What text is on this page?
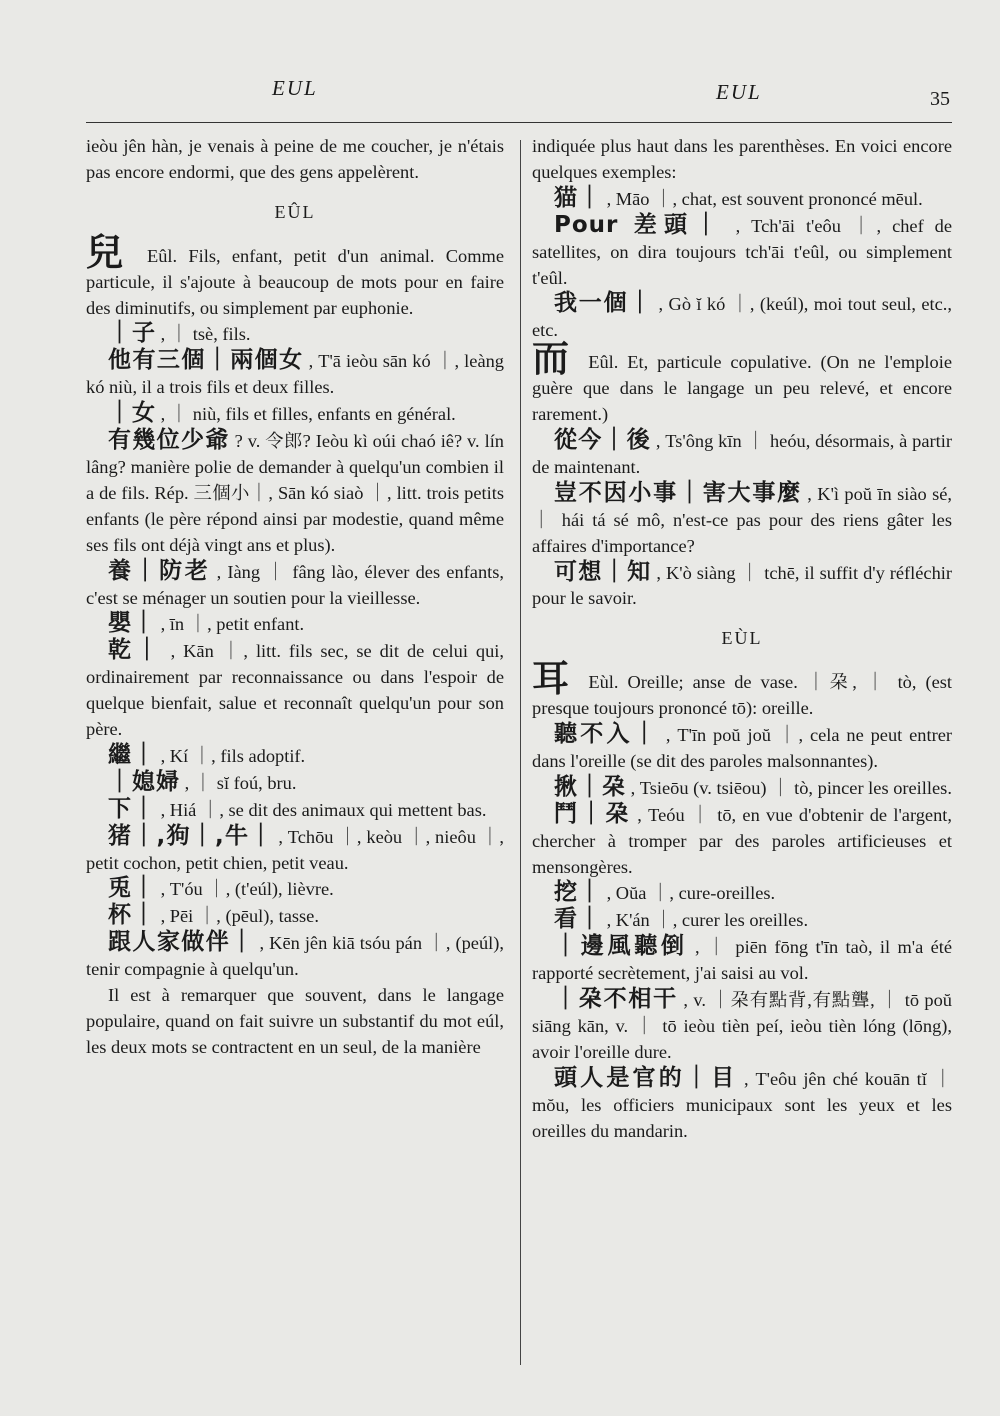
EUL	EUL	35

ieòu jên hàn, je venais à peine de me coucher, je n'étais pas encore endormi, que des gens appelèrent.

EÛL

兒 Eûl. Fils, enfant, petit d'un animal. Comme particule, il s'ajoute à beaucoup de mots pour en faire des diminutifs, ou simplement par euphonie.

｜子 , ｜ tsè, fils.

他有三個｜兩個女 , T'ā ieòu sān kó ｜, leàng kó niù, il a trois fils et deux filles.

｜女 , ｜ niù, fils et filles, enfants en général.

有幾位少爺 ? v. 令郎? Ieòu kì oúi chaó iê? v. lín lâng? manière polie de demander à quelqu'un combien il a de fils. Rép. 三個小｜, Sān kó siaò ｜, litt. trois petits enfants (le père répond ainsi par modestie, quand même ses fils ont déjà vingt ans et plus).

養｜防老 , Iàng ｜ fâng lào, élever des enfants, c'est se ménager un soutien pour la vieillesse.

嬰｜ , īn ｜, petit enfant.

乾｜ , Kān ｜, litt. fils sec, se dit de celui qui, ordinairement par reconnaissance ou dans l'espoir de quelque bienfait, salue et reconnaît quelqu'un pour son père.

繼｜ , Kí ｜, fils adoptif.

｜媳婦 , ｜ sĭ foú, bru.

下｜ , Hiá ｜, se dit des animaux qui mettent bas.

猪｜,狗｜,牛｜ , Tchōu ｜, keòu ｜, nieôu ｜, petit cochon, petit chien, petit veau.

兎｜ , T'óu ｜, (t'eúl), lièvre.

杯｜ , Pēi ｜, (pēul), tasse.

跟人家做伴｜ , Kēn jên kiā tsóu pán ｜, (peúl), tenir compagnie à quelqu'un.

Il est à remarquer que souvent, dans le langage populaire, quand on fait suivre un substantif du mot eúl, les deux mots se contractent en un seul, de la manière

indiquée plus haut dans les parenthèses. En voici encore quelques exemples:

猫｜ , Māo ｜, chat, est souvent prononcé mēul.

Pour 差頭｜ , Tch'āi t'eôu ｜, chef de satellites, on dira toujours tch'āi t'eûl, ou simplement t'eûl.

我一個｜ , Gò ĭ kó ｜, (keúl), moi tout seul, etc., etc.

而 Eûl. Et, particule copulative. (On ne l'emploie guère que dans le langage un peu relevé, et encore rarement.)

從今｜後 , Ts'ông kīn ｜ heóu, désormais, à partir de maintenant.

豈不因小事｜害大事麼 , K'ì poŭ īn siào sé, ｜ hái tá sé mô, n'est-ce pas pour des riens gâter les affaires d'importance?

可想｜知 , K'ò siàng ｜ tchē, il suffit d'y réfléchir pour le savoir.

EÙL

耳 Eùl. Oreille; anse de vase. ｜朶, ｜ tò, (est presque toujours prononcé tō): oreille.

聽不入｜ , T'īn poŭ joŭ ｜, cela ne peut entrer dans l'oreille (se dit des paroles malsonnantes).

揪｜朶 , Tsieōu (v. tsiēou) ｜ tò, pincer les oreilles.

鬥｜朶 , Teóu ｜ tō, en vue d'obtenir de l'argent, chercher à tromper par des paroles artificieuses et mensongères.

挖｜ , Oŭa ｜, cure-oreilles.

看｜ , K'án ｜, curer les oreilles.

｜邊風聽倒 , ｜ piēn fōng t'īn taò, il m'a été rapporté secrètement, j'ai saisi au vol.

｜朶不相干 , v. ｜朶有點背,有點聾, ｜ tō poŭ siāng kān, v. ｜ tō ieòu tièn peí, ieòu tièn lóng (lōng), avoir l'oreille dure.

頭人是官的｜目 , T'eôu jên ché kouān tĭ ｜ mŏu, les officiers municipaux sont les yeux et les oreilles du mandarin.
